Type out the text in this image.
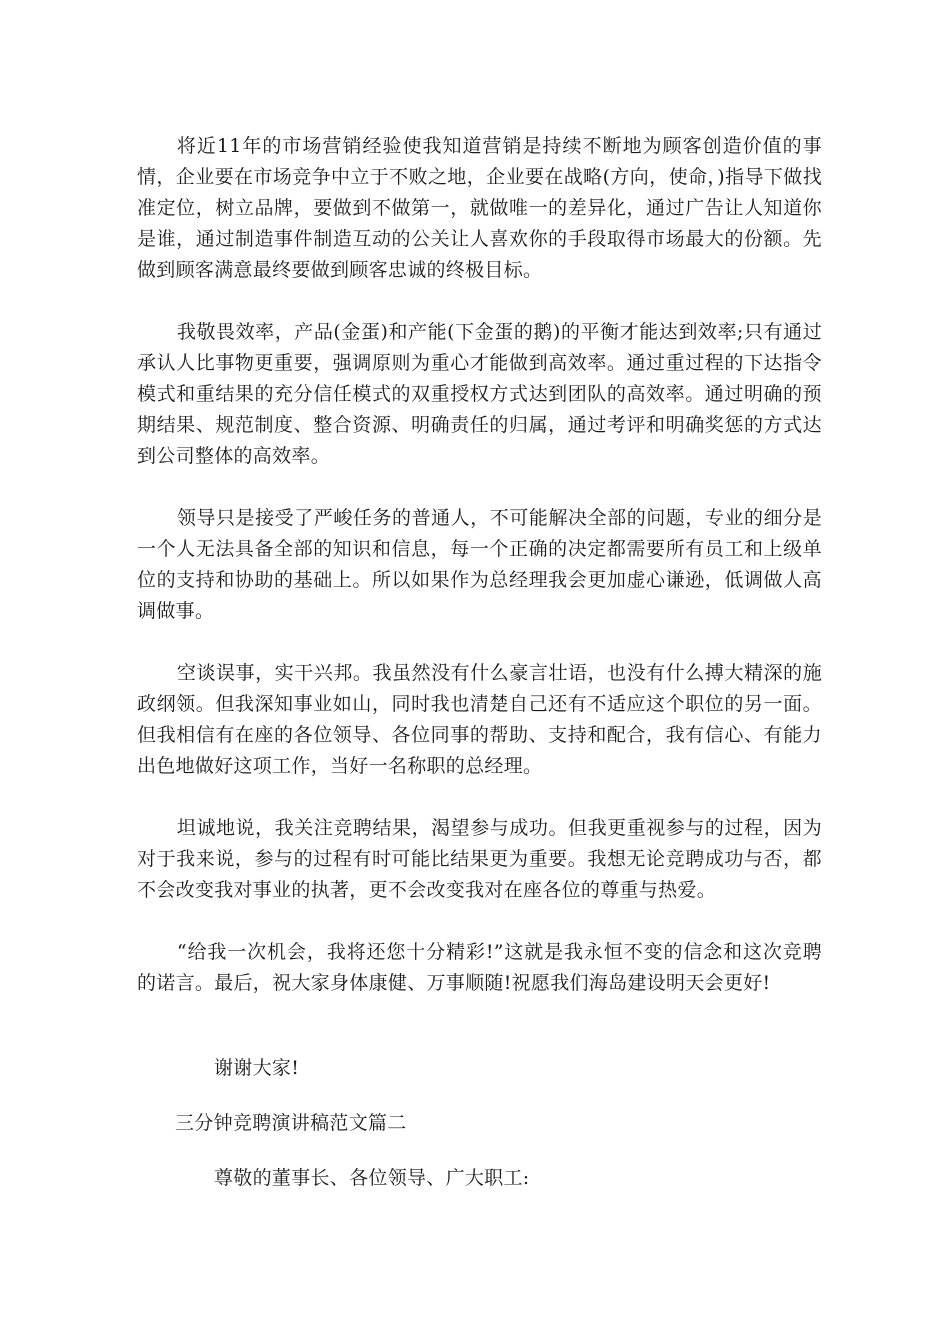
将近11年的市场营销经验使我知道营销是持续不断地为顾客创造价值的事情，企业要在市场竞争中立于不败之地，企业要在战略(方向，使命，)指导下做找准定位，树立品牌，要做到不做第一，就做唯一的差异化，通过广告让人知道你是谁，通过制造事件制造互动的公关让人喜欢你的手段取得市场最大的份额。先做到顾客满意最终要做到顾客忠诚的终极目标。

我敬畏效率，产品(金蛋)和产能(下金蛋的鹅)的平衡才能达到效率;只有通过承认人比事物更重要，强调原则为重心才能做到高效率。通过重过程的下达指令模式和重结果的充分信任模式的双重授权方式达到团队的高效率。通过明确的预期结果、规范制度、整合资源、明确责任的归属，通过考评和明确奖惩的方式达到公司整体的高效率。

领导只是接受了严峻任务的普通人，不可能解决全部的问题，专业的细分是一个人无法具备全部的知识和信息，每一个正确的决定都需要所有员工和上级单位的支持和协助的基础上。所以如果作为总经理我会更加虚心谦逊，低调做人高调做事。

空谈误事，实干兴邦。我虽然没有什么豪言壮语，也没有什么搏大精深的施政纲领。但我深知事业如山，同时我也清楚自己还有不适应这个职位的另一面。但我相信有在座的各位领导、各位同事的帮助、支持和配合，我有信心、有能力出色地做好这项工作，当好一名称职的总经理。

坦诚地说，我关注竞聘结果，渴望参与成功。但我更重视参与的过程，因为对于我来说，参与的过程有时可能比结果更为重要。我想无论竞聘成功与否，都不会改变我对事业的执著，更不会改变我对在座各位的尊重与热爱。

“给我一次机会，我将还您十分精彩!”这就是我永恒不变的信念和这次竞聘的诺言。最后，祝大家身体康健、万事顺随!祝愿我们海岛建设明天会更好!

谢谢大家!

三分钟竞聘演讲稿范文篇二

尊敬的董事长、各位领导、广大职工:
